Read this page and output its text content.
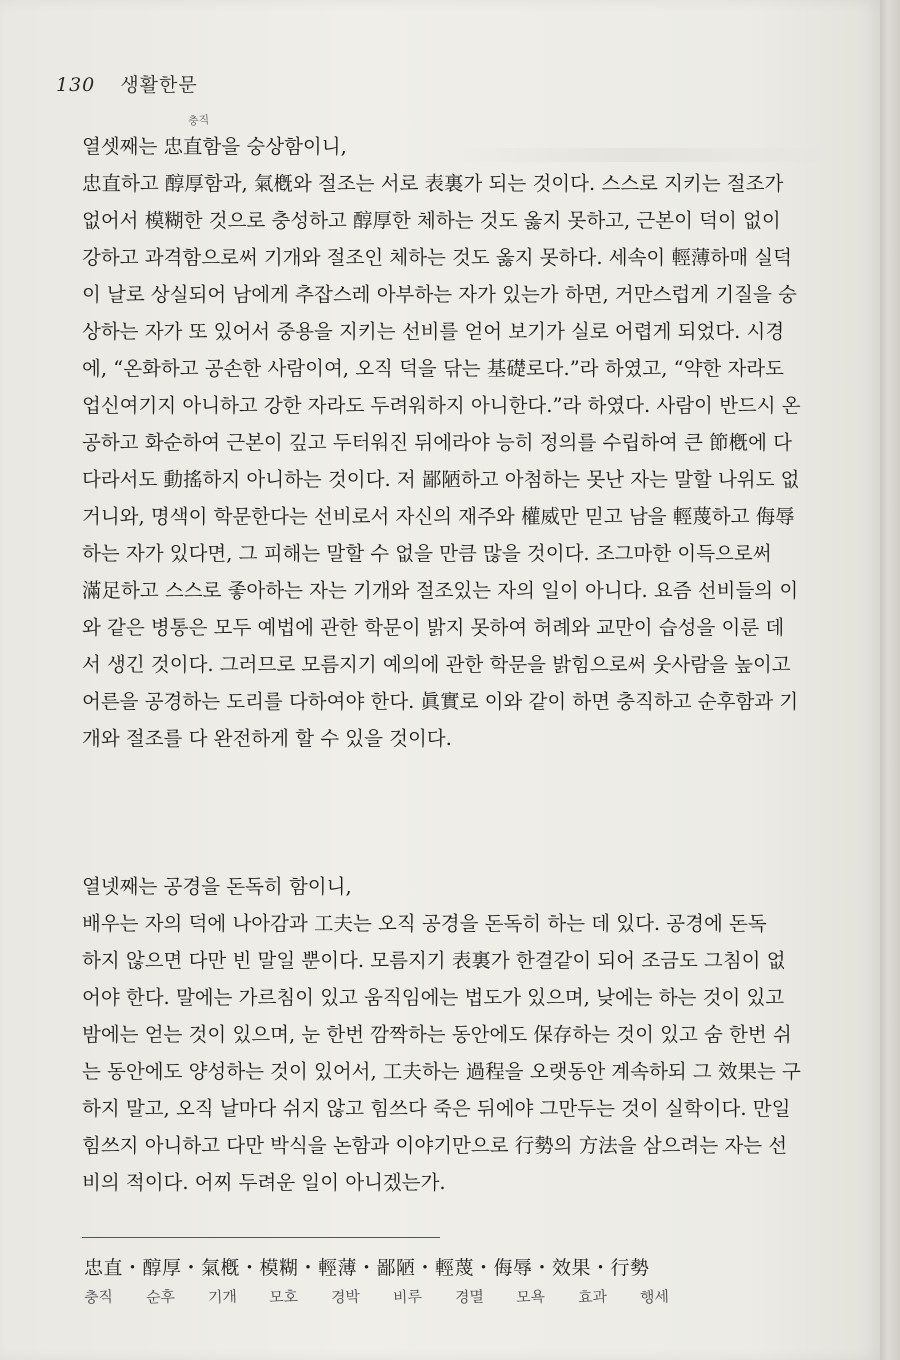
130 생활한문
충직
열셋째는 忠直함을 숭상함이니,
忠直하고 醇厚함과, 氣槪와 절조는 서로 表裏가 되는 것이다. 스스로 지키는 절조가
없어서 模糊한 것으로 충성하고 醇厚한 체하는 것도 옳지 못하고, 근본이 덕이 없이
강하고 과격함으로써 기개와 절조인 체하는 것도 옳지 못하다. 세속이 輕薄하매 실덕
이 날로 상실되어 남에게 추잡스레 아부하는 자가 있는가 하면, 거만스럽게 기질을 숭
상하는 자가 또 있어서 중용을 지키는 선비를 얻어 보기가 실로 어렵게 되었다. 시경
에, “온화하고 공손한 사람이여, 오직 덕을 닦는 基礎로다.”라 하였고, “약한 자라도
업신여기지 아니하고 강한 자라도 두려워하지 아니한다.”라 하였다. 사람이 반드시 온
공하고 화순하여 근본이 깊고 두터워진 뒤에라야 능히 정의를 수립하여 큰 節槪에 다
다라서도 動搖하지 아니하는 것이다. 저 鄙陋하고 아첨하는 못난 자는 말할 나위도 없
거니와, 명색이 학문한다는 선비로서 자신의 재주와 權威만 믿고 남을 輕蔑하고 侮辱
하는 자가 있다면, 그 피해는 말할 수 없을 만큼 많을 것이다. 조그마한 이득으로써
滿足하고 스스로 좋아하는 자는 기개와 절조있는 자의 일이 아니다. 요즘 선비들의 이
와 같은 병통은 모두 예법에 관한 학문이 밝지 못하여 허례와 교만이 습성을 이룬 데
서 생긴 것이다. 그러므로 모름지기 예의에 관한 학문을 밝힘으로써 웃사람을 높이고
어른을 공경하는 도리를 다하여야 한다. 眞實로 이와 같이 하면 충직하고 순후함과 기
개와 절조를 다 완전하게 할 수 있을 것이다.
열넷째는 공경을 돈독히 함이니,
배우는 자의 덕에 나아감과 工夫는 오직 공경을 돈독히 하는 데 있다. 공경에 돈독
하지 않으면 다만 빈 말일 뿐이다. 모름지기 表裏가 한결같이 되어 조금도 그침이 없
어야 한다. 말에는 가르침이 있고 움직임에는 법도가 있으며, 낮에는 하는 것이 있고
밤에는 얻는 것이 있으며, 눈 한번 깜짝하는 동안에도 保存하는 것이 있고 숨 한번 쉬
는 동안에도 양성하는 것이 있어서, 工夫하는 過程을 오랫동안 계속하되 그 效果는 구
하지 말고, 오직 날마다 쉬지 않고 힘쓰다 죽은 뒤에야 그만두는 것이 실학이다. 만일
힘쓰지 아니하고 다만 박식을 논함과 이야기만으로 行勢의 方法을 삼으려는 자는 선
비의 적이다. 어찌 두려운 일이 아니겠는가.
忠直・醇厚・氣槪・模糊・輕薄・鄙陋・輕蔑・侮辱・效果・行勢
충직 순후 기개 모호 경박 비루 경멸 모욕 효과 행세
